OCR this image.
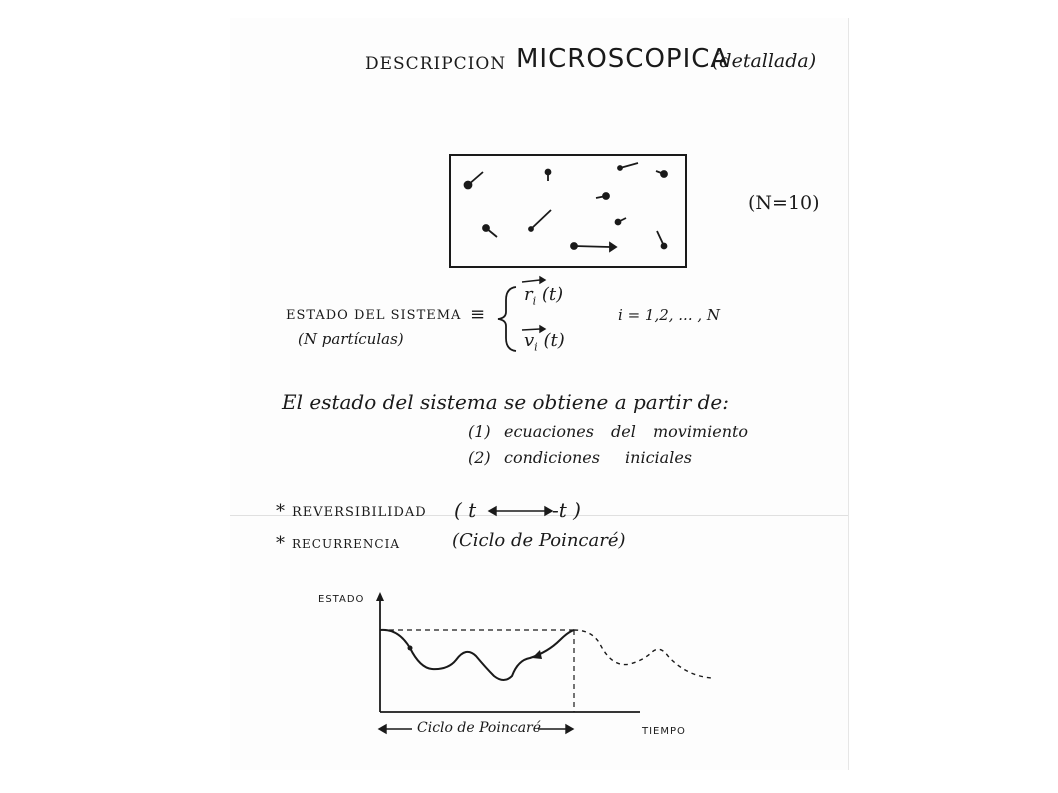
DESCRIPCION MICROSCOPICA
(detallada)
(N=10)
ESTADO DEL SISTEMA ≡
(N partículas)
$r_i$ (t)
$v_i$ (t)
i = 1,2, ... , N
El estado del sistema se obtiene a partir de:
(1) ecuaciones del movimiento
(2) condiciones iniciales
* REVERSIBILIDAD ( t	-t )
* RECURRENCIA	(Ciclo de Poincaré)
ESTADO
TIEMPO
Ciclo de Poincaré
